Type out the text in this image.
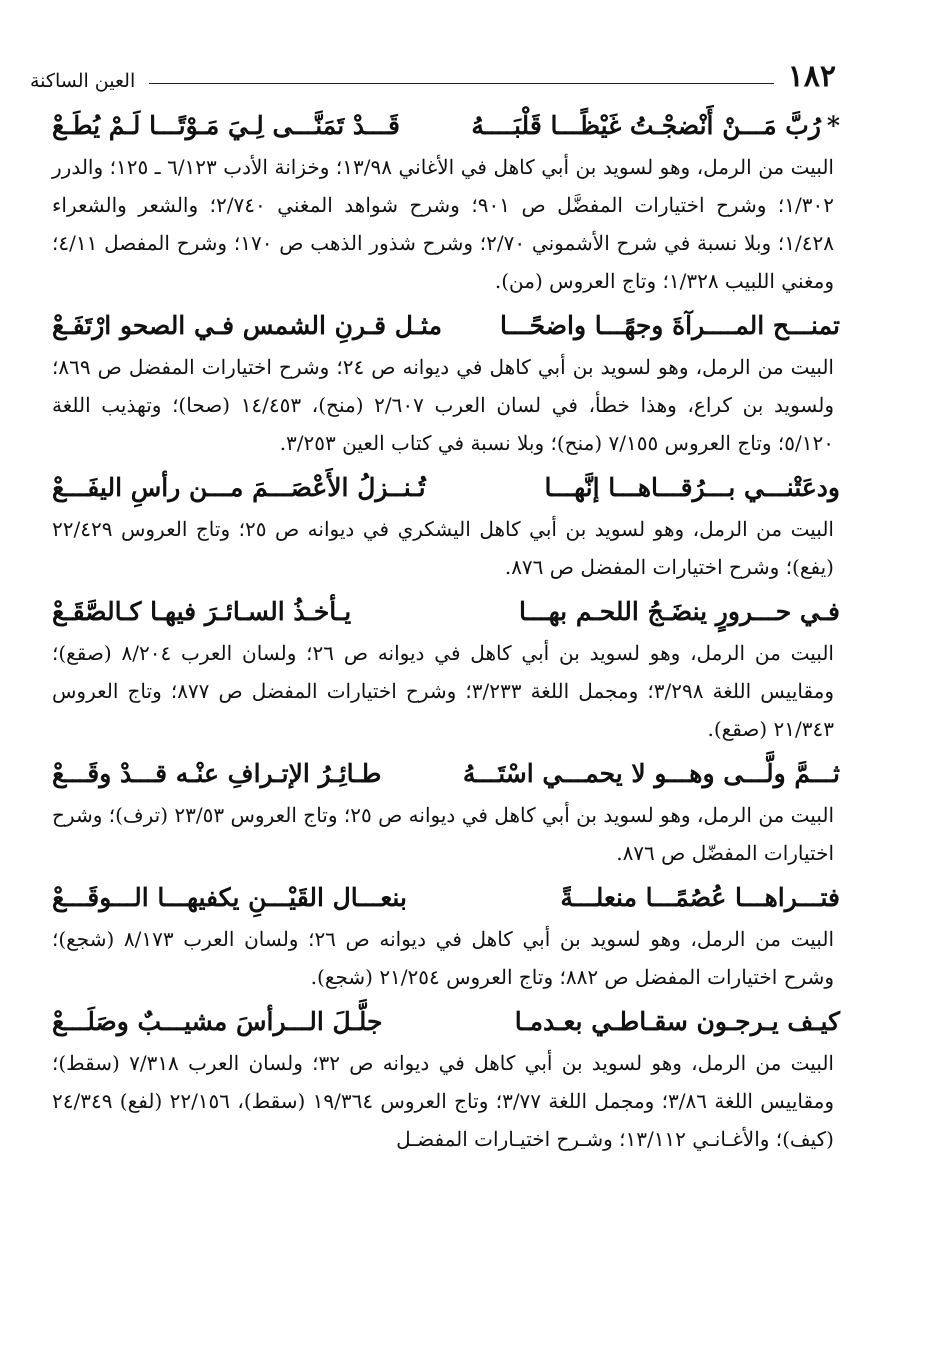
١٨٢
العين الساكنة
*
رُبَّ مَـــنْ أَنْضجْـتُ غَيْظًـــا قَلْبَــــهُ
قَـــدْ تَمَنَّـــى لِـيَ مَـوْتًـــا لَـمْ يُطَـعْ

البيت من الرمل، وهو لسويد بن أبي كاهل في الأغاني ١٣/٩٨؛ وخزانة الأدب ٦/١٢٣ ـ ١٢٥؛ والدرر ١/٣٠٢؛ وشرح اختيارات المفضَّل ص ٩٠١؛ وشرح شواهد المغني ٢/٧٤٠؛ والشعر والشعراء ١/٤٢٨؛ وبلا نسبة في شرح الأشموني ٢/٧٠؛ وشرح شذور الذهب ص ١٧٠؛ وشرح المفصل ٤/١١؛ ومغني اللبيب ١/٣٢٨؛ وتاج العروس (من).

تمنـــح المــــرآةَ وجهًـــا واضحًـــا
مثـل قـرنِ الشمس فـي الصحو ارْتَفَـعْ

البيت من الرمل، وهو لسويد بن أبي كاهل في ديوانه ص ٢٤؛ وشرح اختيارات المفضل ص ٨٦٩؛ ولسويد بن كراع، وهذا خطأ، في لسان العرب ٢/٦٠٧ (منح)، ١٤/٤٥٣ (صحا)؛ وتهذيب اللغة ٥/١٢٠؛ وتاج العروس ٧/١٥٥ (منح)؛ وبلا نسبة في كتاب العين ٣/٢٥٣.

ودعَتْنـــي بـــرُقـــاهـــا إنَّهـــا
تُـنــزلُ الأَعْصَـــمَ مـــن رأسِ اليفَـــعْ

البيت من الرمل، وهو لسويد بن أبي كاهل اليشكري في ديوانه ص ٢٥؛ وتاج العروس ٢٢/٤٢٩ (يفع)؛ وشرح اختيارات المفضل ص ٨٧٦.

فـي حـــرورٍ ينضَـجُ اللحـم بهـــا
يـأخـذُ السـائـرَ فيهـا كـالصَّقَـعْ

البيت من الرمل، وهو لسويد بن أبي كاهل في ديوانه ص ٢٦؛ ولسان العرب ٨/٢٠٤ (صقع)؛ ومقاييس اللغة ٣/٢٩٨؛ ومجمل اللغة ٣/٢٣٣؛ وشرح اختيارات المفضل ص ٨٧٧؛ وتاج العروس ٢١/٣٤٣ (صقع).

ثـــمَّ ولَّـــى وهـــو لا يحمـــي اسْتَـــهُ
طـائِـرُ الإتـرافِ عنْـه قـــدْ وقَـــعْ

البيت من الرمل، وهو لسويد بن أبي كاهل في ديوانه ص ٢٥؛ وتاج العروس ٢٣/٥٣ (ترف)؛ وشرح اختيارات المفضّل ص ٨٧٦.

فتـــراهـــا عُصُمًـــا منعلـــةً
بنعـــال القَيْـــنِ يكفيهـــا الـــوقَـــعْ

البيت من الرمل، وهو لسويد بن أبي كاهل في ديوانه ص ٢٦؛ ولسان العرب ٨/١٧٣ (شجع)؛ وشرح اختيارات المفضل ص ٨٨٢؛ وتاج العروس ٢١/٢٥٤ (شجع).

كيـف يـرجـون سقـاطـي بعـدمـا
جلَّـلَ الـــرأسَ مشيـــبٌ وصَلَـــعْ

البيت من الرمل، وهو لسويد بن أبي كاهل في ديوانه ص ٣٢؛ ولسان العرب ٧/٣١٨ (سقط)؛ ومقاييس اللغة ٣/٨٦؛ ومجمل اللغة ٣/٧٧؛ وتاج العروس ١٩/٣٦٤ (سقط)، ٢٢/١٥٦ (لفع) ٢٤/٣٤٩ (كيف)؛ والأغـانـي ١٣/١١٢؛ وشـرح اختيـارات المفضـل
